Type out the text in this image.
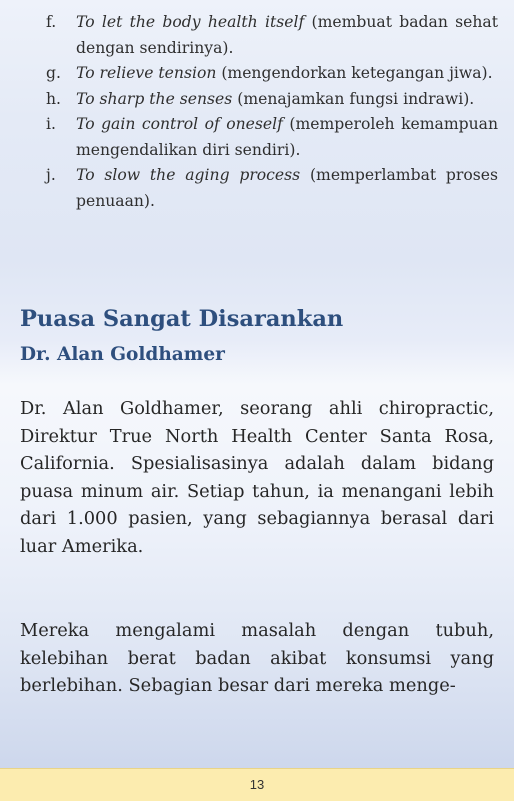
f.	To let the body health itself (membuat badan sehat dengan sendirinya).
g. To relieve tension (mengendorkan ketegangan jiwa).
h. To sharp the senses (menajamkan fungsi indrawi).
i.	To gain control of oneself (memperoleh kemampuan mengendalikan diri sendiri).
j.	To slow the aging process (memperlambat proses penuaan).
Puasa Sangat Disarankan
Dr. Alan Goldhamer

Dr. Alan Goldhamer, seorang ahli chiropractic, Direktur True North Health Center Santa Rosa, California. Spesialisasinya adalah dalam bidang puasa minum air. Setiap tahun, ia menangani lebih dari 1.000 pasien, yang sebagiannya berasal dari luar Amerika.

Mereka mengalami masalah dengan tubuh, kelebihan berat badan akibat konsumsi yang berlebihan. Sebagian besar dari mereka menge-

13
